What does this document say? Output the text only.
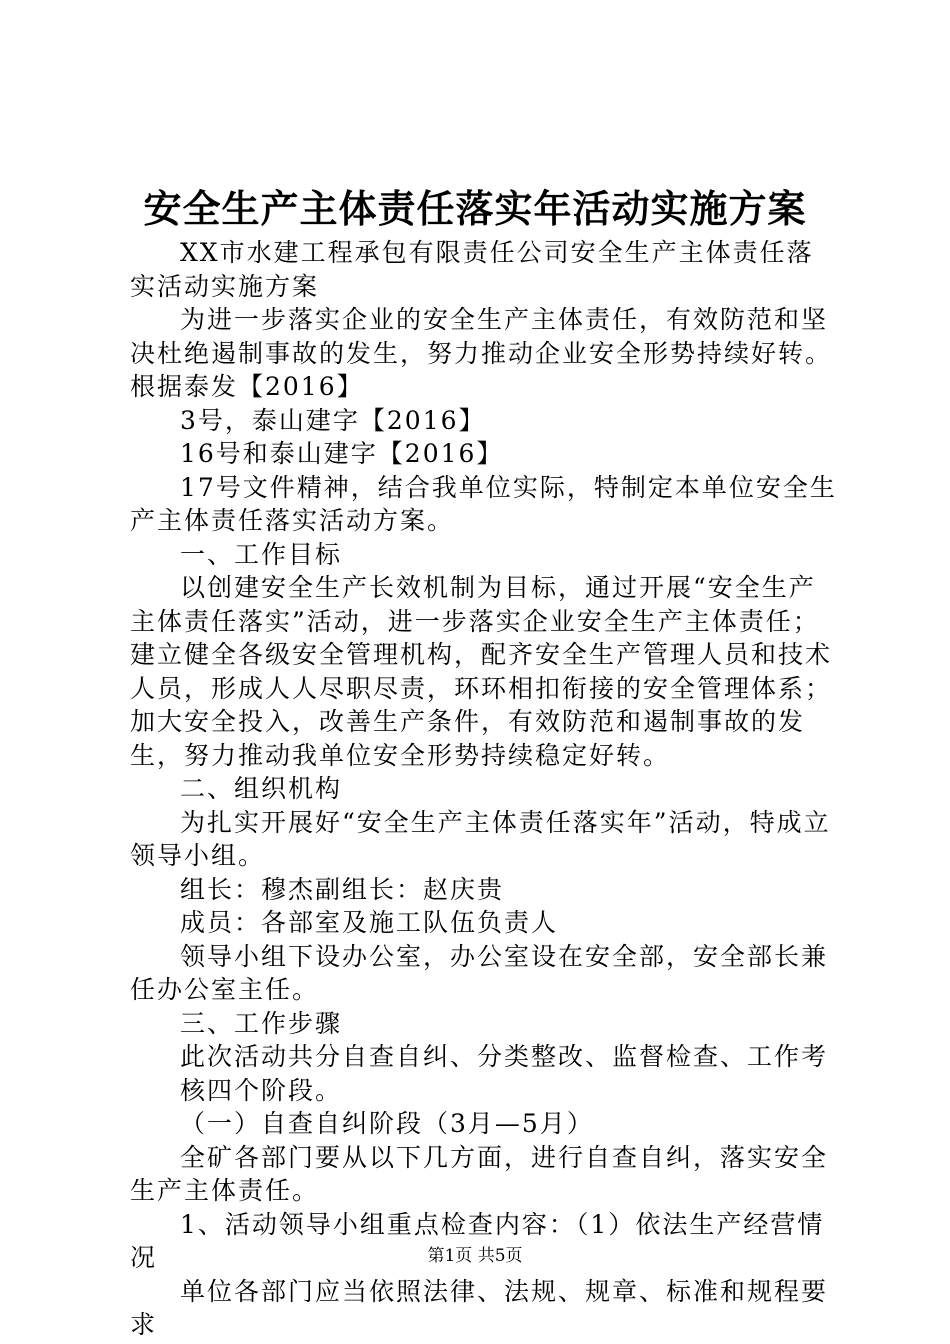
安全生产主体责任落实年活动实施方案

XX市水建工程承包有限责任公司安全生产主体责任落实活动实施方案

为进一步落实企业的安全生产主体责任，有效防范和坚决杜绝遏制事故的发生，努力推动企业安全形势持续好转。根据泰发【2016】

3号，泰山建字【2016】

16号和泰山建字【2016】

17号文件精神，结合我单位实际，特制定本单位安全生产主体责任落实活动方案。

一、工作目标

以创建安全生产长效机制为目标，通过开展“安全生产主体责任落实”活动，进一步落实企业安全生产主体责任；建立健全各级安全管理机构，配齐安全生产管理人员和技术人员，形成人人尽职尽责，环环相扣衔接的安全管理体系；加大安全投入，改善生产条件，有效防范和遏制事故的发生，努力推动我单位安全形势持续稳定好转。

二、组织机构

为扎实开展好“安全生产主体责任落实年”活动，特成立领导小组。

组长：穆杰副组长：赵庆贵

成员：各部室及施工队伍负责人

领导小组下设办公室，办公室设在安全部，安全部长兼任办公室主任。

三、工作步骤

此次活动共分自查自纠、分类整改、监督检查、工作考

核四个阶段。

（一）自查自纠阶段（3月—5月）

全矿各部门要从以下几方面，进行自查自纠，落实安全生产主体责任。

1、活动领导小组重点检查内容：（1）依法生产经营情况

单位各部门应当依照法律、法规、规章、标准和规程要求

第1页 共5页
